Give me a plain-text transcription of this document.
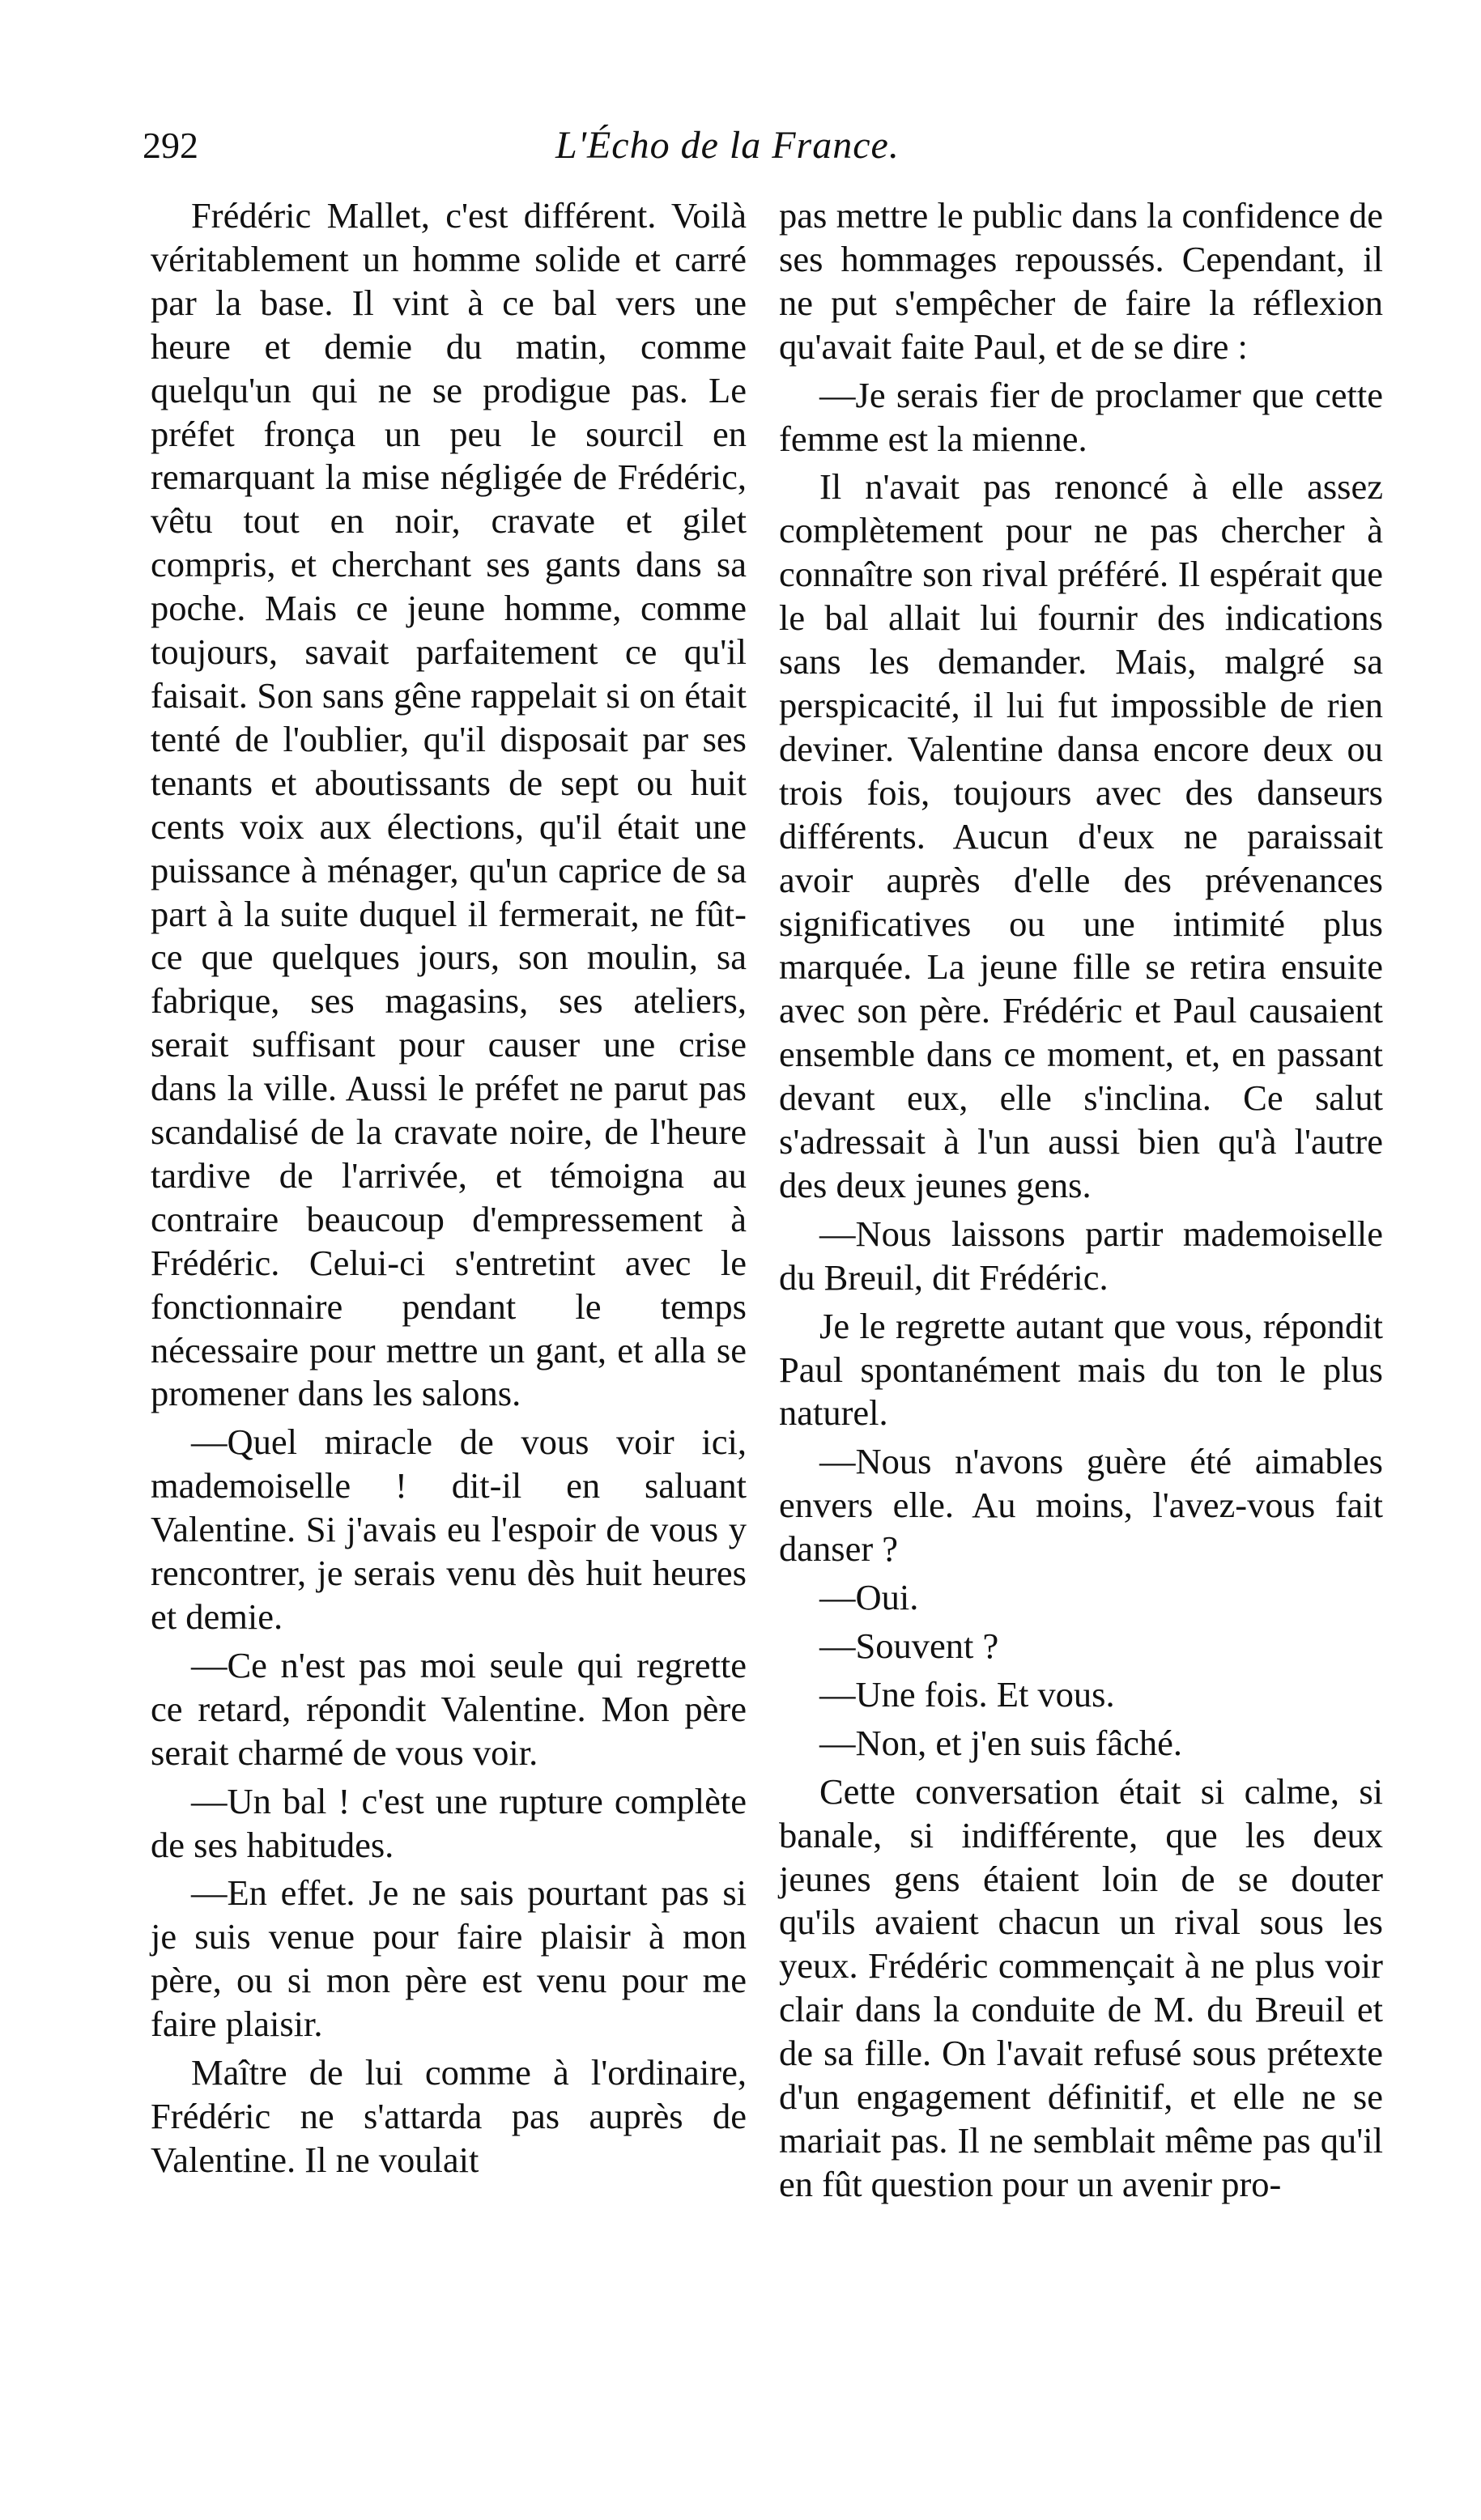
292	L'Écho de la France.

Frédéric Mallet, c'est différent. Voilà véritablement un homme solide et carré par la base. Il vint à ce bal vers une heure et demie du matin, comme quelqu'un qui ne se prodigue pas. Le préfet fronça un peu le sourcil en remarquant la mise négligée de Frédéric, vêtu tout en noir, cravate et gilet compris, et cherchant ses gants dans sa poche. Mais ce jeune homme, comme toujours, savait parfaitement ce qu'il faisait. Son sans gêne rappelait si on était tenté de l'oublier, qu'il disposait par ses tenants et aboutissants de sept ou huit cents voix aux élections, qu'il était une puissance à ménager, qu'un caprice de sa part à la suite duquel il fermerait, ne fût-ce que quelques jours, son moulin, sa fabrique, ses magasins, ses ateliers, serait suffisant pour causer une crise dans la ville. Aussi le préfet ne parut pas scandalisé de la cravate noire, de l'heure tardive de l'arrivée, et témoigna au contraire beaucoup d'empressement à Frédéric. Celui-ci s'entretint avec le fonctionnaire pendant le temps nécessaire pour mettre un gant, et alla se promener dans les salons.

—Quel miracle de vous voir ici, mademoiselle ! dit-il en saluant Valentine. Si j'avais eu l'espoir de vous y rencontrer, je serais venu dès huit heures et demie.

—Ce n'est pas moi seule qui regrette ce retard, répondit Valentine. Mon père serait charmé de vous voir.

—Un bal ! c'est une rupture complète de ses habitudes.

—En effet. Je ne sais pourtant pas si je suis venue pour faire plaisir à mon père, ou si mon père est venu pour me faire plaisir.

Maître de lui comme à l'ordinaire, Frédéric ne s'attarda pas auprès de Valentine. Il ne voulait

pas mettre le public dans la confidence de ses hommages repoussés. Cependant, il ne put s'empêcher de faire la réflexion qu'avait faite Paul, et de se dire :

—Je serais fier de proclamer que cette femme est la mienne.

Il n'avait pas renoncé à elle assez complètement pour ne pas chercher à connaître son rival préféré. Il espérait que le bal allait lui fournir des indications sans les demander. Mais, malgré sa perspicacité, il lui fut impossible de rien deviner. Valentine dansa encore deux ou trois fois, toujours avec des danseurs différents. Aucun d'eux ne paraissait avoir auprès d'elle des prévenances significatives ou une intimité plus marquée. La jeune fille se retira ensuite avec son père. Frédéric et Paul causaient ensemble dans ce moment, et, en passant devant eux, elle s'inclina. Ce salut s'adressait à l'un aussi bien qu'à l'autre des deux jeunes gens.

—Nous laissons partir mademoiselle du Breuil, dit Frédéric.

Je le regrette autant que vous, répondit Paul spontanément mais du ton le plus naturel.

—Nous n'avons guère été aimables envers elle. Au moins, l'avez-vous fait danser ?

—Oui.

—Souvent ?

—Une fois. Et vous.

—Non, et j'en suis fâché.

Cette conversation était si calme, si banale, si indifférente, que les deux jeunes gens étaient loin de se douter qu'ils avaient chacun un rival sous les yeux. Frédéric commençait à ne plus voir clair dans la conduite de M. du Breuil et de sa fille. On l'avait refusé sous prétexte d'un engagement définitif, et elle ne se mariait pas. Il ne semblait même pas qu'il en fût question pour un avenir pro-
